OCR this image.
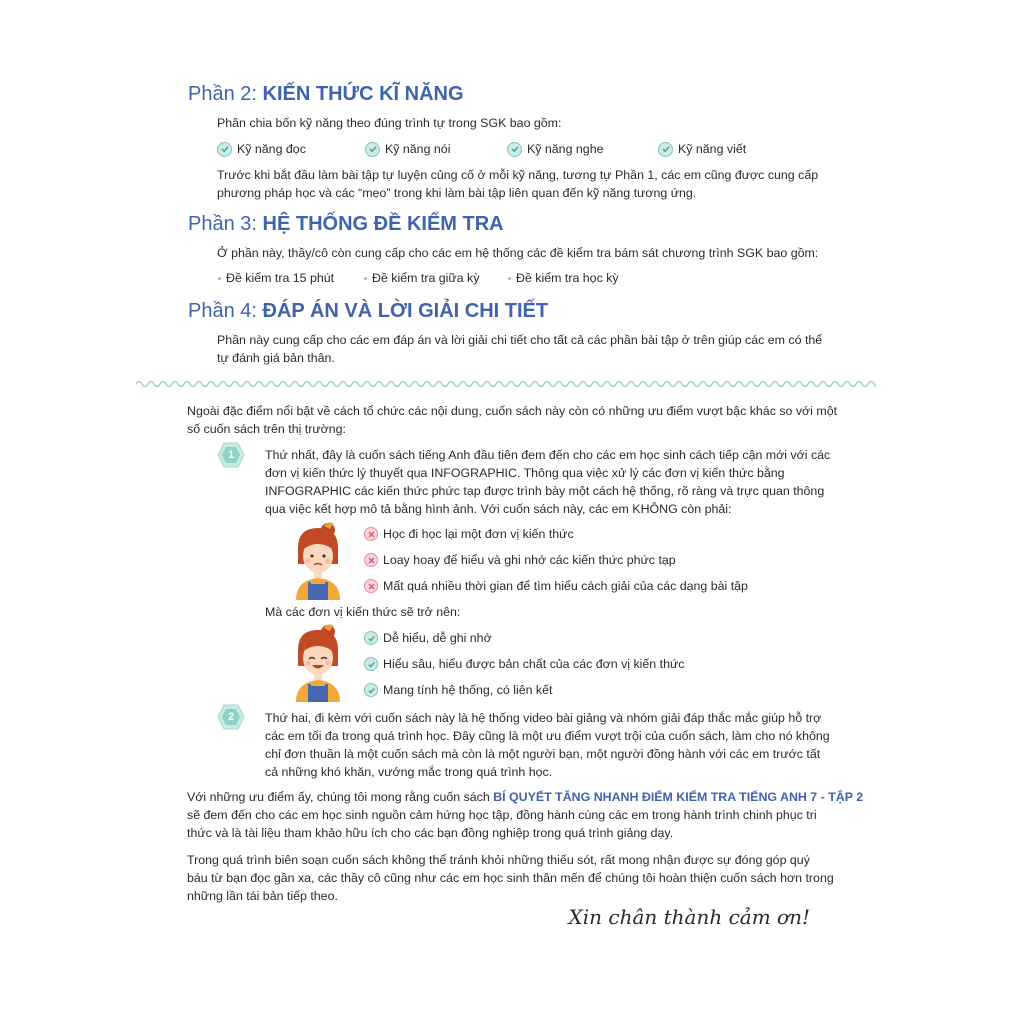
Phần 2: KIẾN THỨC KĨ NĂNG
Phân chia bốn kỹ năng theo đúng trình tự trong SGK bao gồm:
Kỹ năng đọc	Kỹ năng nói	Kỹ năng nghe	Kỹ năng viết
Trước khi bắt đầu làm bài tập tự luyện củng cố ở mỗi kỹ năng, tương tự Phần 1, các em cũng được cung cấp
phương pháp học và các “mẹo” trong khi làm bài tập liên quan đến kỹ năng tương ứng.
Phần 3: HỆ THỐNG ĐỀ KIỂM TRA
Ở phần này, thầy/cô còn cung cấp cho các em hệ thống các đề kiểm tra bám sát chương trình SGK bao gồm:
Đề kiểm tra 15 phút	Đề kiểm tra giữa kỳ	Đề kiểm tra học kỳ
Phần 4: ĐÁP ÁN VÀ LỜI GIẢI CHI TIẾT
Phần này cung cấp cho các em đáp án và lời giải chi tiết cho tất cả các phần bài tập ở trên giúp các em có thể
tự đánh giá bản thân.
Ngoài đặc điểm nổi bật về cách tổ chức các nội dung, cuốn sách này còn có những ưu điểm vượt bậc khác so với một
số cuốn sách trên thị trường:
1	Thứ nhất, đây là cuốn sách tiếng Anh đầu tiên đem đến cho các em học sinh cách tiếp cận mới với các
đơn vị kiến thức lý thuyết qua INFOGRAPHIC. Thông qua việc xử lý các đơn vị kiến thức bằng
INFOGRAPHIC các kiến thức phức tạp được trình bày một cách hệ thống, rõ ràng và trực quan thông
qua việc kết hợp mô tả bằng hình ảnh. Với cuốn sách này, các em KHÔNG còn phải:
Học đi học lại một đơn vị kiến thức
Loay hoay để hiểu và ghi nhớ các kiến thức phức tạp
Mất quá nhiều thời gian để tìm hiểu cách giải của các dạng bài tập
Mà các đơn vị kiến thức sẽ trở nên:
Dễ hiểu, dễ ghi nhớ
Hiểu sâu, hiểu được bản chất của các đơn vị kiến thức
Mang tính hệ thống, có liên kết
2	Thứ hai, đi kèm với cuốn sách này là hệ thống video bài giảng và nhóm giải đáp thắc mắc giúp hỗ trợ
các em tối đa trong quá trình học. Đây cũng là một ưu điểm vượt trội của cuốn sách, làm cho nó không
chỉ đơn thuần là một cuốn sách mà còn là một người bạn, một người đồng hành với các em trước tất
cả những khó khăn, vướng mắc trong quá trình học.
Với những ưu điểm ấy, chúng tôi mong rằng cuốn sách BÍ QUYẾT TĂNG NHANH ĐIỂM KIỂM TRA TIẾNG ANH 7 - TẬP 2
sẽ đem đến cho các em học sinh nguồn cảm hứng học tập, đồng hành cùng các em trong hành trình chinh phục tri
thức và là tài liệu tham khảo hữu ích cho các bạn đồng nghiệp trong quá trình giảng dạy.
Trong quá trình biên soạn cuốn sách không thể tránh khỏi những thiếu sót, rất mong nhận được sự đóng góp quý
báu từ bạn đọc gần xa, các thầy cô cũng như các em học sinh thân mến để chúng tôi hoàn thiện cuốn sách hơn trong
những lần tái bản tiếp theo.
Xin chân thành cảm ơn!
